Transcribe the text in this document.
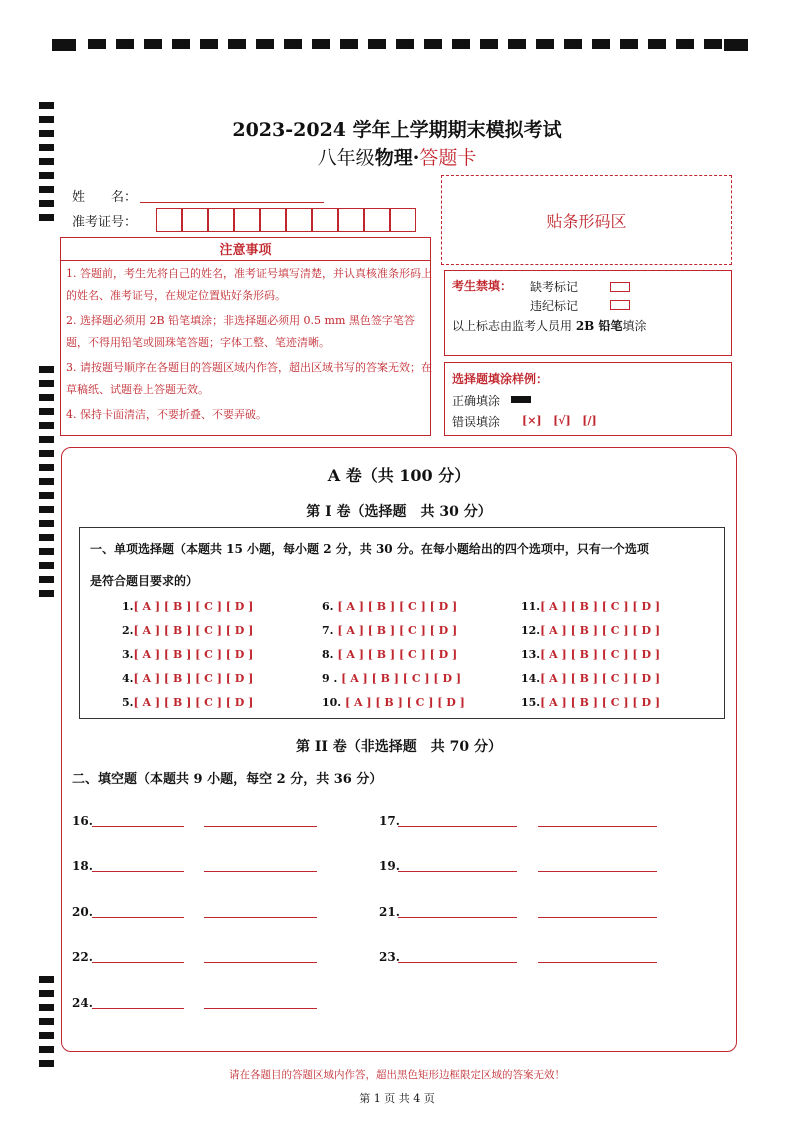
2023-2024 学年上学期期末模拟考试
八年级物理·答题卡
姓　　名：
准考证号：	贴条形码区
注意事项
1. 答题前，考生先将自己的姓名，准考证号填写清楚，并认真核准条形码上的姓名、准考证号，在规定位置贴好条形码。
2. 选择题必须用 2B 铅笔填涂；非选择题必须用 0.5 mm 黑色签字笔答题，不得用铅笔或圆珠笔答题；字体工整、笔迹清晰。
3. 请按题号顺序在各题目的答题区域内作答，超出区域书写的答案无效；在草稿纸、试题卷上答题无效。
4. 保持卡面清洁，不要折叠、不要弄破。
考生禁填： 缺考标记
违纪标记
以上标志由监考人员用 2B 铅笔填涂
选择题填涂样例：
正确填涂
错误填涂 [×]   [√]   [/]
A 卷（共 100 分）
第 I 卷（选择题　共 30 分）
一、单项选择题（本题共 15 小题，每小题 2 分，共 30 分。在每小题给出的四个选项中，只有一个选项
是符合题目要求的）
1.[ A ] [ B ] [ C ] [ D ]
2.[ A ] [ B ] [ C ] [ D ]
3.[ A ] [ B ] [ C ] [ D ]
4.[ A ] [ B ] [ C ] [ D ]
5.[ A ] [ B ] [ C ] [ D ]
6. [ A ] [ B ] [ C ] [ D ]
7. [ A ] [ B ] [ C ] [ D ]
8. [ A ] [ B ] [ C ] [ D ]
9 . [ A ] [ B ] [ C ] [ D ]
10. [ A ] [ B ] [ C ] [ D ]
11.[ A ] [ B ] [ C ] [ D ]
12.[ A ] [ B ] [ C ] [ D ]
13.[ A ] [ B ] [ C ] [ D ]
14.[ A ] [ B ] [ C ] [ D ]
15.[ A ] [ B ] [ C ] [ D ]
第 II 卷（非选择题　共 70 分）
二、填空题（本题共 9 小题，每空 2 分，共 36 分）
16.	17.
18.	19.
20.	21.
22.	23.
24.
请在各题目的答题区域内作答，超出黑色矩形边框限定区域的答案无效！
第 1 页 共 4 页
